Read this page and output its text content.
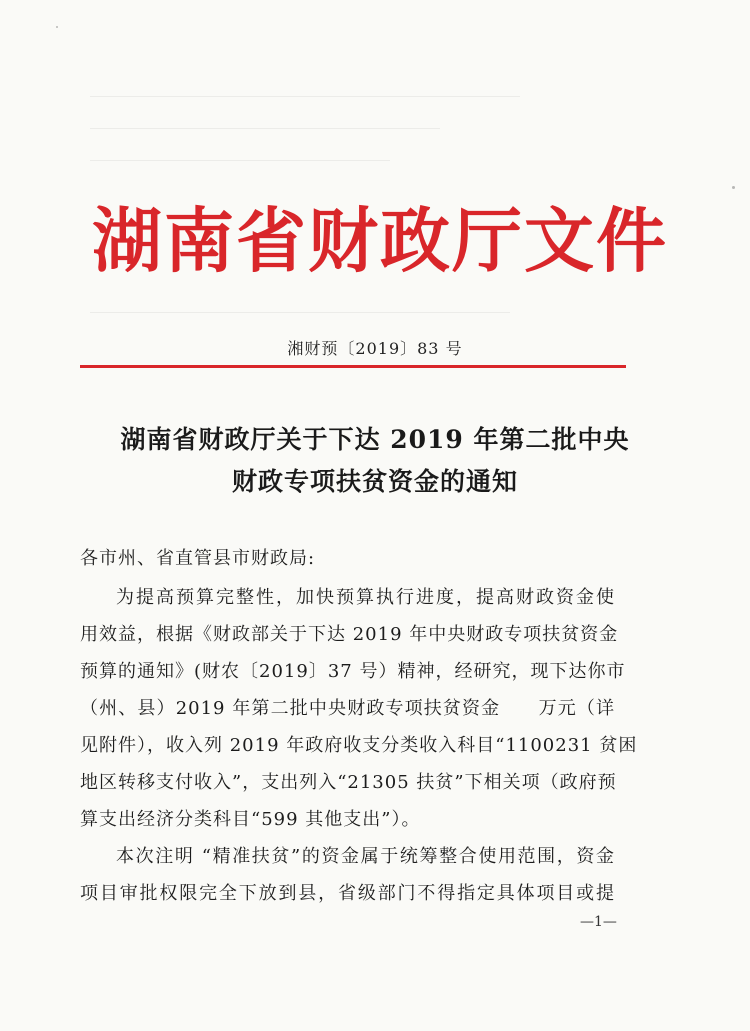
湖南省财政厅文件
湘财预〔2019〕83 号
湖南省财政厅关于下达 2019 年第二批中央
财政专项扶贫资金的通知
各市州、省直管县市财政局:
为提高预算完整性，加快预算执行进度，提高财政资金使
用效益，根据《财政部关于下达 2019 年中央财政专项扶贫资金
预算的通知》(财农〔2019〕37 号）精神，经研究，现下达你市
（州、县）2019 年第二批中央财政专项扶贫资金　　万元（详
见附件），收入列 2019 年政府收支分类收入科目“1100231 贫困
地区转移支付收入”，支出列入“21305 扶贫”下相关项（政府预
算支出经济分类科目“599 其他支出”）。
本次注明 “精准扶贫”的资金属于统筹整合使用范围，资金
项目审批权限完全下放到县，省级部门不得指定具体项目或提
—1—
